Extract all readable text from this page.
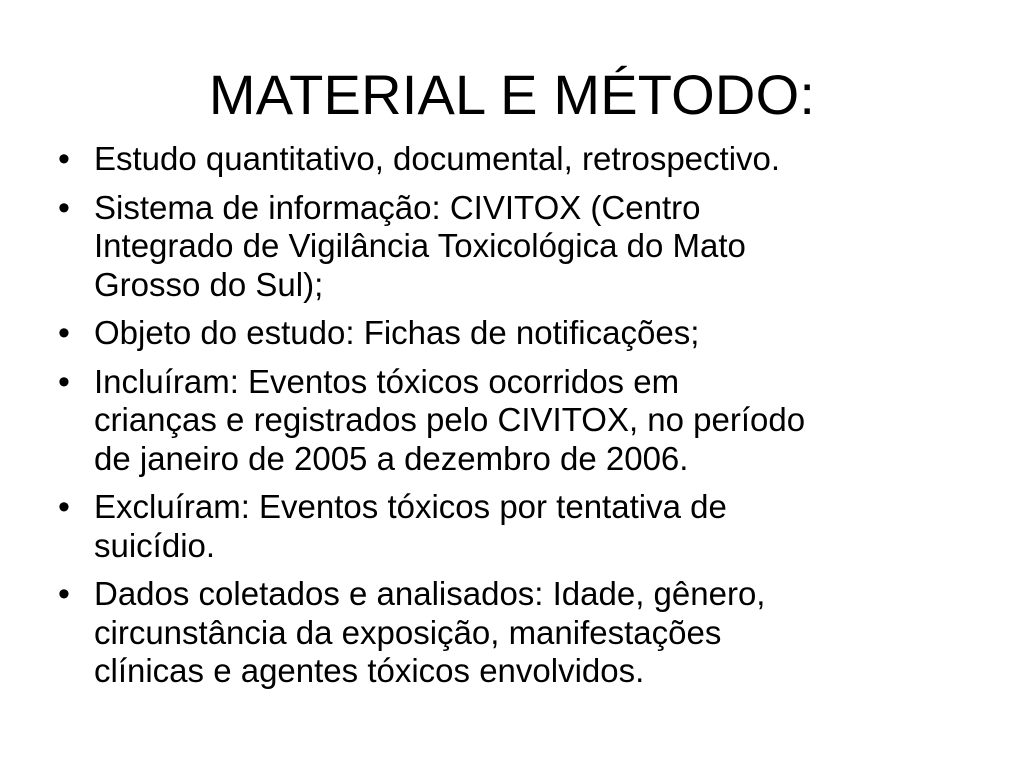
MATERIAL E MÉTODO:
• Estudo quantitativo, documental, retrospectivo.
• Sistema de informação: CIVITOX (Centro
Integrado de Vigilância Toxicológica do Mato
Grosso do Sul);
• Objeto do estudo: Fichas de notificações;
• Incluíram: Eventos tóxicos ocorridos em
crianças e registrados pelo CIVITOX, no período
de janeiro de 2005 a dezembro de 2006.
• Excluíram: Eventos tóxicos por tentativa de
suicídio.
• Dados coletados e analisados: Idade, gênero,
circunstância da exposição, manifestações
clínicas e agentes tóxicos envolvidos.
